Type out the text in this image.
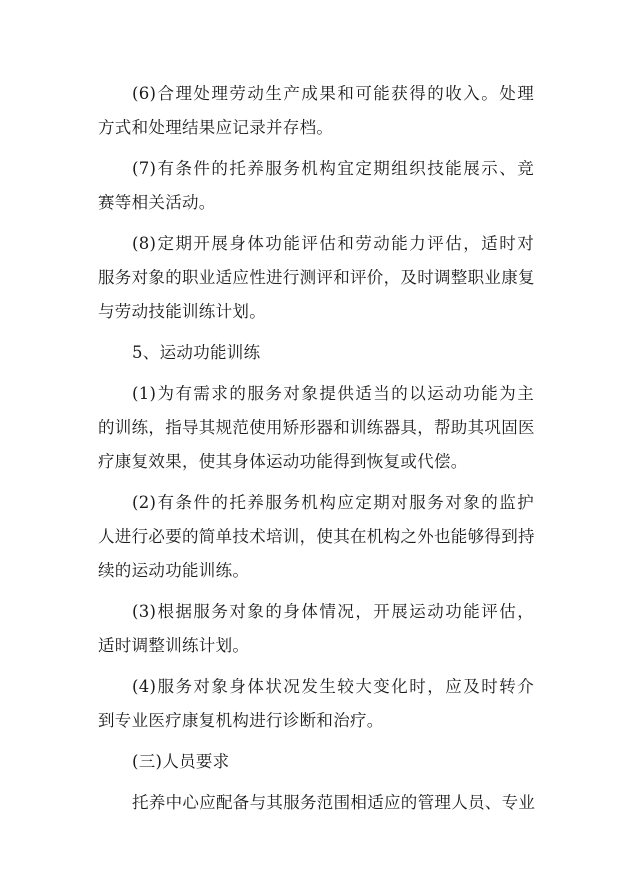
(6)合理处理劳动生产成果和可能获得的收入。处理
方式和处理结果应记录并存档。
(7)有条件的托养服务机构宜定期组织技能展示、竞
赛等相关活动。
(8)定期开展身体功能评估和劳动能力评估，适时对
服务对象的职业适应性进行测评和评价，及时调整职业康复
与劳动技能训练计划。
5、运动功能训练
(1)为有需求的服务对象提供适当的以运动功能为主
的训练，指导其规范使用矫形器和训练器具，帮助其巩固医
疗康复效果，使其身体运动功能得到恢复或代偿。
(2)有条件的托养服务机构应定期对服务对象的监护
人进行必要的简单技术培训，使其在机构之外也能够得到持
续的运动功能训练。
(3)根据服务对象的身体情况，开展运动功能评估，
适时调整训练计划。
(4)服务对象身体状况发生较大变化时，应及时转介
到专业医疗康复机构进行诊断和治疗。
(三)人员要求
托养中心应配备与其服务范围相适应的管理人员、专业
